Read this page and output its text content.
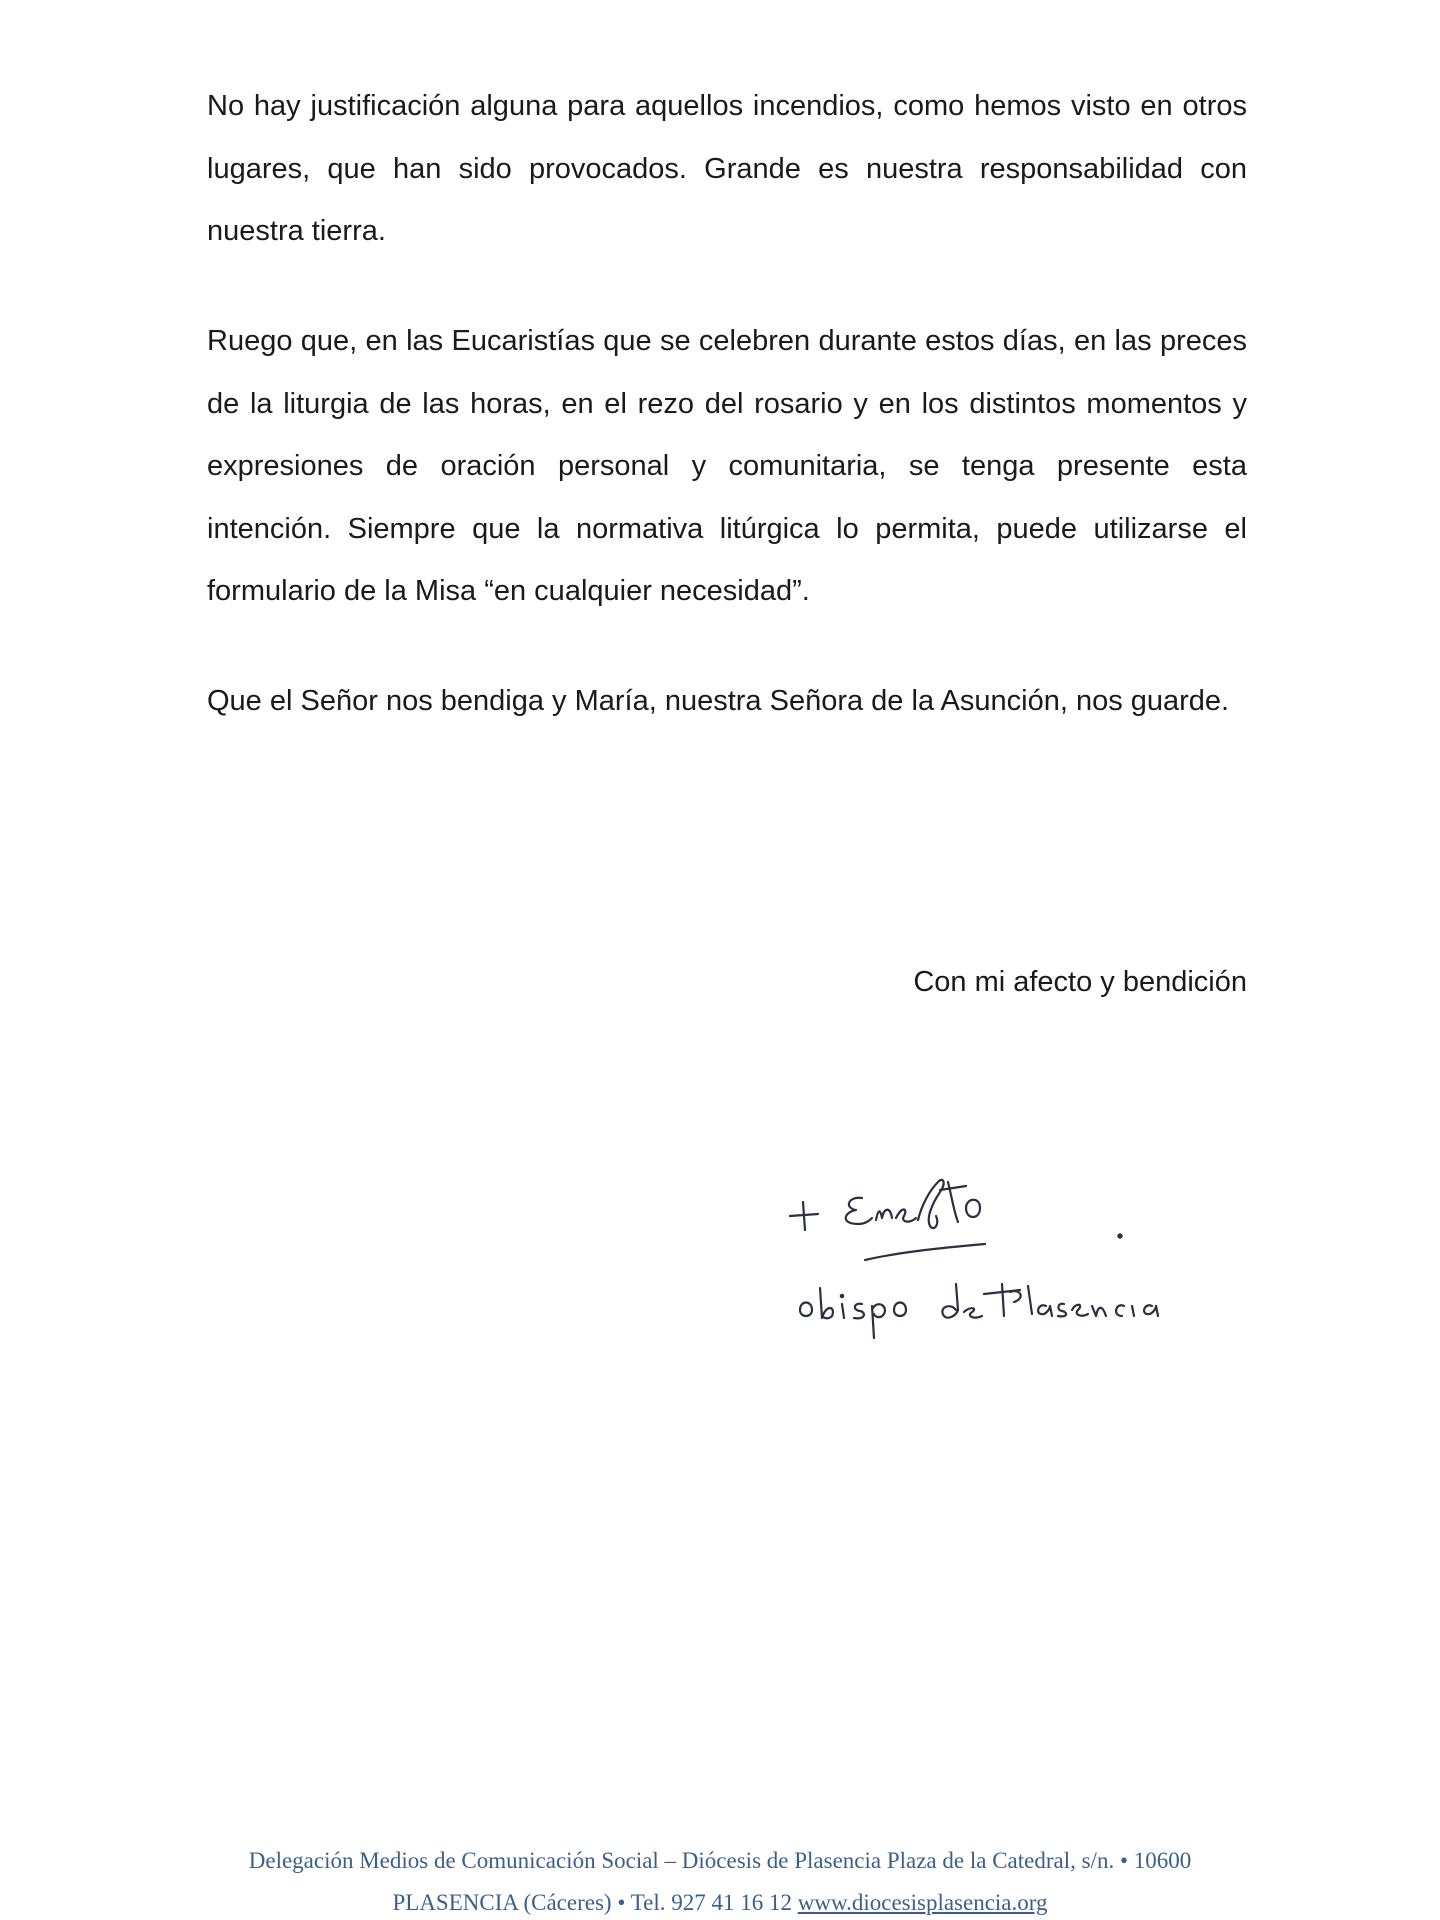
No hay justificación alguna para aquellos incendios, como hemos visto en otros lugares, que han sido provocados. Grande es nuestra responsabilidad con nuestra tierra.

Ruego que, en las Eucaristías que se celebren durante estos días, en las preces de la liturgia de las horas, en el rezo del rosario y en los distintos momentos y expresiones de oración personal y comunitaria, se tenga presente esta intención. Siempre que la normativa litúrgica lo permita, puede utilizarse el formulario de la Misa “en cualquier necesidad”.

Que el Señor nos bendiga y María, nuestra Señora de la Asunción, nos guarde.

Con mi afecto y bendición

+ Ernesto
obispo de Plasencia

Delegación Medios de Comunicación Social – Diócesis de Plasencia Plaza de la Catedral, s/n. • 10600

PLASENCIA (Cáceres) • Tel. 927 41 16 12 www.diocesisplasencia.org
